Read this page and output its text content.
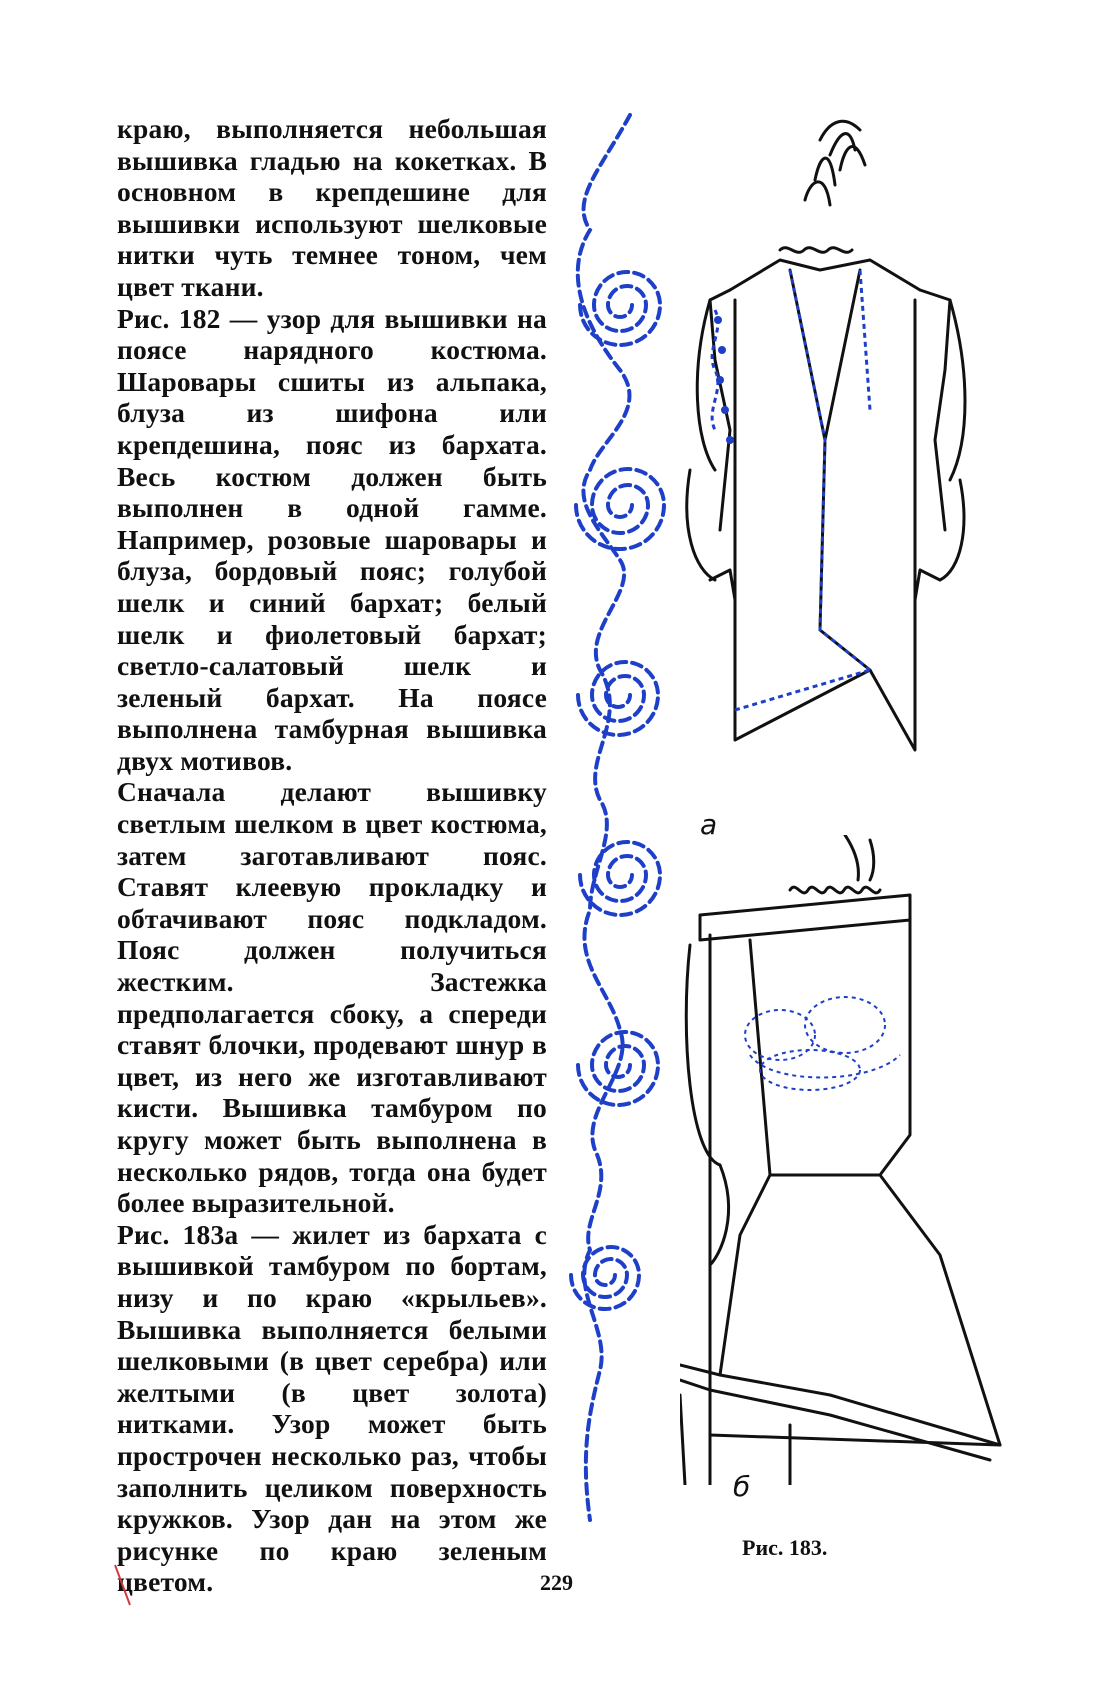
краю, выполняется небольшая вышивка гладью на кокетках. В основном в крепдешине для вышивки используют шелковые нитки чуть темнее тоном, чем цвет ткани.

Рис. 182 — узор для вышивки на поясе нарядного костюма. Шаровары сшиты из альпака, блуза из шифона или крепдешина, пояс из бархата. Весь костюм должен быть выполнен в одной гамме. Например, розовые шаровары и блуза, бордовый пояс; голубой шелк и синий бархат; белый шелк и фиолетовый бархат; светло-салатовый шелк и зеленый бархат. На поясе выполнена тамбурная вышивка двух мотивов.

Сначала делают вышивку светлым шелком в цвет костюма, затем заготавливают пояс. Ставят клеевую прокладку и обтачивают пояс подкладом. Пояс должен получиться жестким. Застежка предполагается сбоку, а спереди ставят блочки, продевают шнур в цвет, из него же изготавливают кисти. Вышивка тамбуром по кругу может быть выполнена в несколько рядов, тогда она будет более выразительной.

Рис. 183а — жилет из бархата с вышивкой тамбуром по бортам, низу и по краю «крыльев». Вышивка выполняется белыми шелковыми (в цвет серебра) или желтыми (в цвет золота) нитками. Узор может быть прострочен несколько раз, чтобы заполнить целиком поверхность кружков. Узор дан на этом же рисунке по краю зеленым цветом.

а
б
Рис. 183.
229
